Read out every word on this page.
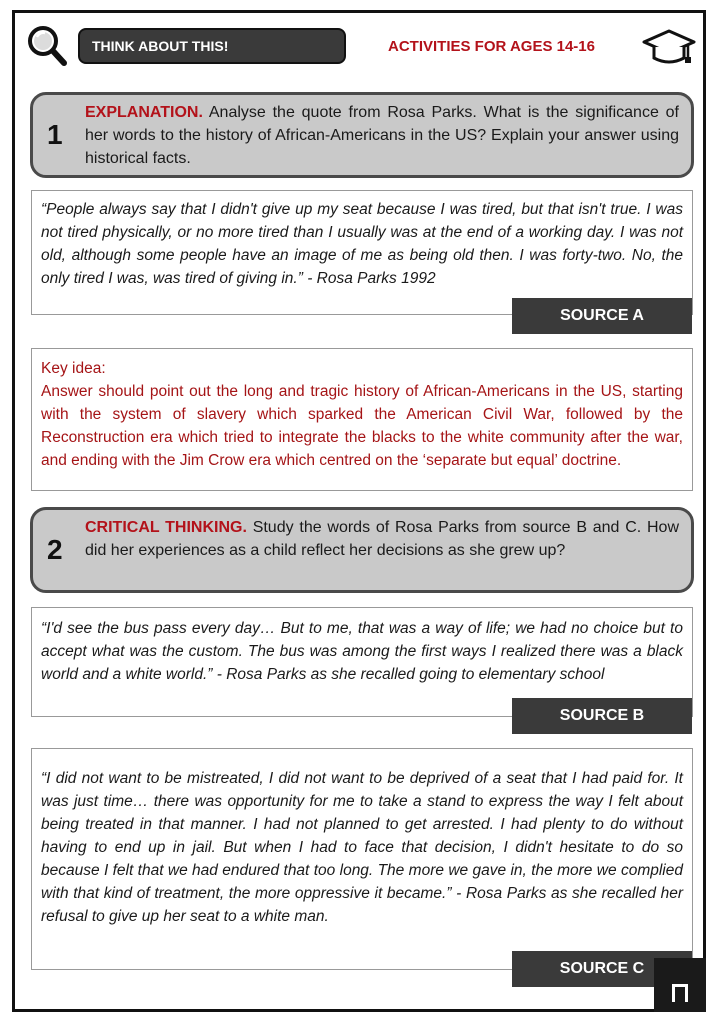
THINK ABOUT THIS!	ACTIVITIES FOR AGES 14-16
1
EXPLANATION. Analyse the quote from Rosa Parks. What is the significance of her words to the history of African-Americans in the US? Explain your answer using historical facts.
“People always say that I didn't give up my seat because I was tired, but that isn't true. I was not tired physically, or no more tired than I usually was at the end of a working day. I was not old, although some people have an image of me as being old then. I was forty-two. No, the only tired I was, was tired of giving in.” - Rosa Parks 1992
SOURCE A
Key idea:
Answer should point out the long and tragic history of African-Americans in the US, starting with the system of slavery which sparked the American Civil War, followed by the Reconstruction era which tried to integrate the blacks to the white community after the war, and ending with the Jim Crow era which centred on the ‘separate but equal’ doctrine.
2
CRITICAL THINKING. Study the words of Rosa Parks from source B and C. How did her experiences as a child reflect her decisions as she grew up?
“I'd see the bus pass every day… But to me, that was a way of life; we had no choice but to accept what was the custom. The bus was among the first ways I realized there was a black world and a white world.” - Rosa Parks as she recalled going to elementary school
SOURCE B
“I did not want to be mistreated, I did not want to be deprived of a seat that I had paid for. It was just time… there was opportunity for me to take a stand to express the way I felt about being treated in that manner. I had not planned to get arrested. I had plenty to do without having to end up in jail. But when I had to face that decision, I didn't hesitate to do so because I felt that we had endured that too long. The more we gave in, the more we complied with that kind of treatment, the more oppressive it became.” - Rosa Parks as she recalled her refusal to give up her seat to a white man.
SOURCE C
